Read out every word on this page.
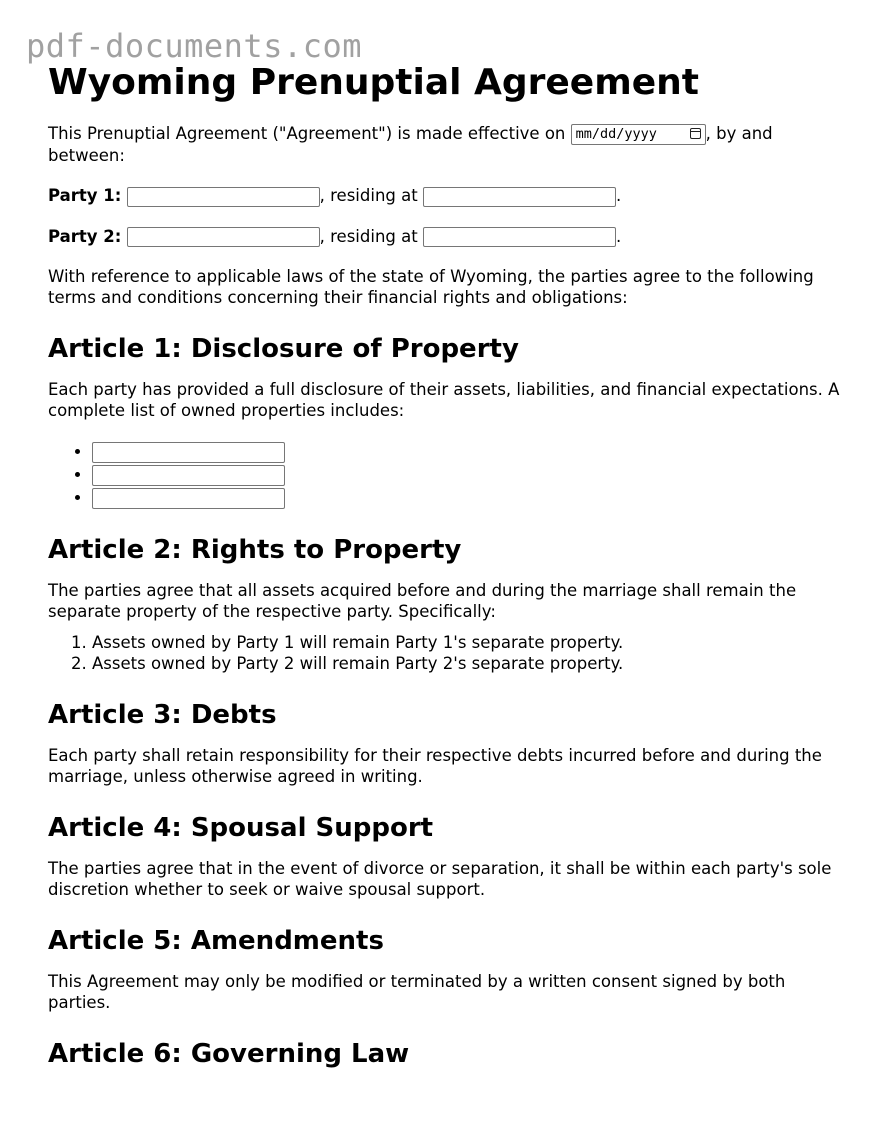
pdf-documents.com
Wyoming Prenuptial Agreement

This Prenuptial Agreement ("Agreement") is made effective on mm/dd/yyyy	, by and between:

Party 1:	, residing at	.
Party 2:	, residing at	.

With reference to applicable laws of the state of Wyoming, the parties agree to the following terms and conditions concerning their financial rights and obligations:

Article 1: Disclosure of Property

Each party has provided a full disclosure of their assets, liabilities, and financial expectations. A complete list of owned properties includes:

•
•
•
Article 2: Rights to Property

The parties agree that all assets acquired before and during the marriage shall remain the separate property of the respective party. Specifically:

1. Assets owned by Party 1 will remain Party 1's separate property.
2. Assets owned by Party 2 will remain Party 2's separate property.
Article 3: Debts

Each party shall retain responsibility for their respective debts incurred before and during the marriage, unless otherwise agreed in writing.

Article 4: Spousal Support

The parties agree that in the event of divorce or separation, it shall be within each party's sole discretion whether to seek or waive spousal support.

Article 5: Amendments

This Agreement may only be modified or terminated by a written consent signed by both parties.

Article 6: Governing Law
